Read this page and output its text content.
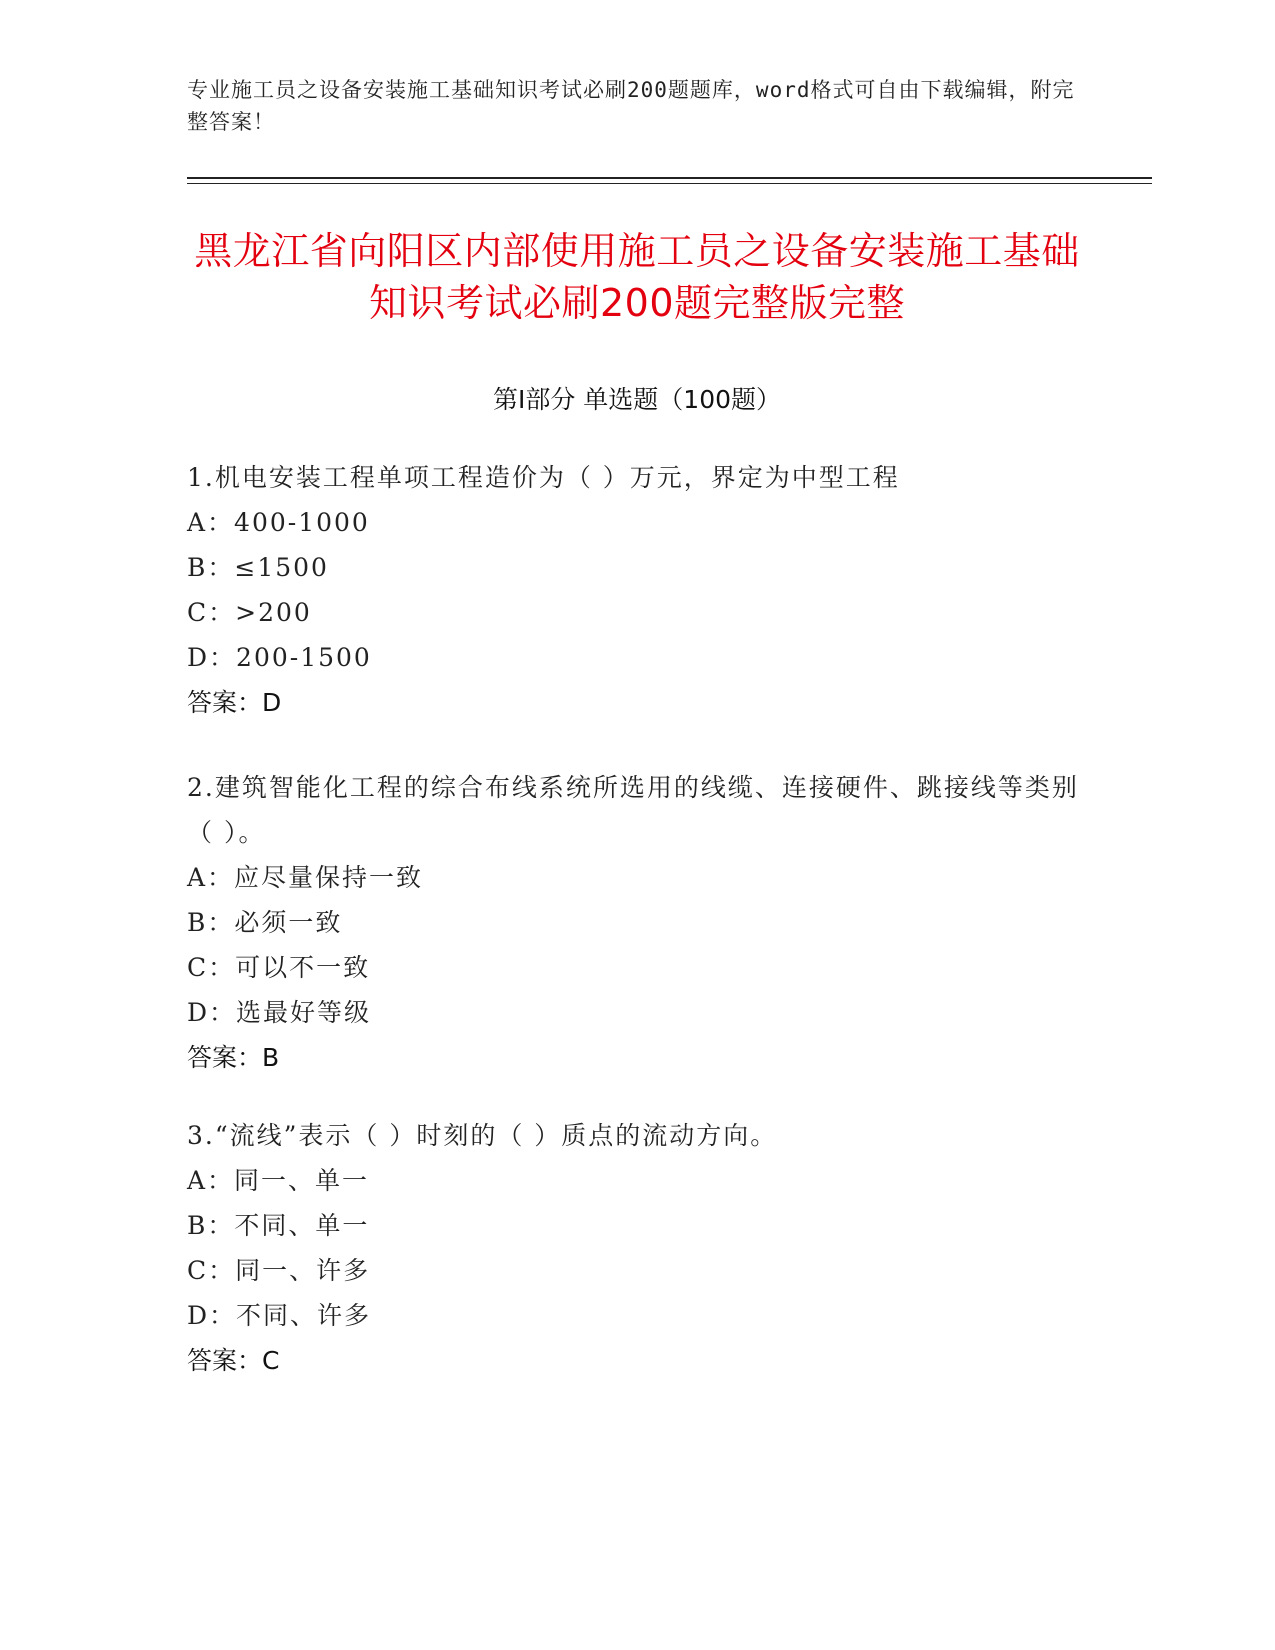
专业施工员之设备安装施工基础知识考试必刷200题题库，word格式可自由下载编辑，附完整答案！
黑龙江省向阳区内部使用施工员之设备安装施工基础知识考试必刷200题完整版完整
第I部分 单选题（100题）
1.机电安装工程单项工程造价为（ ）万元，界定为中型工程
A：400-1000
B：≤1500
C：>200
D：200-1500
答案：D
2.建筑智能化工程的综合布线系统所选用的线缆、连接硬件、跳接线等类别（ ）。
A：应尽量保持一致
B：必须一致
C：可以不一致
D：选最好等级
答案：B
3.“流线”表示（ ）时刻的（ ）质点的流动方向。
A：同一、单一
B：不同、单一
C：同一、许多
D：不同、许多
答案：C
